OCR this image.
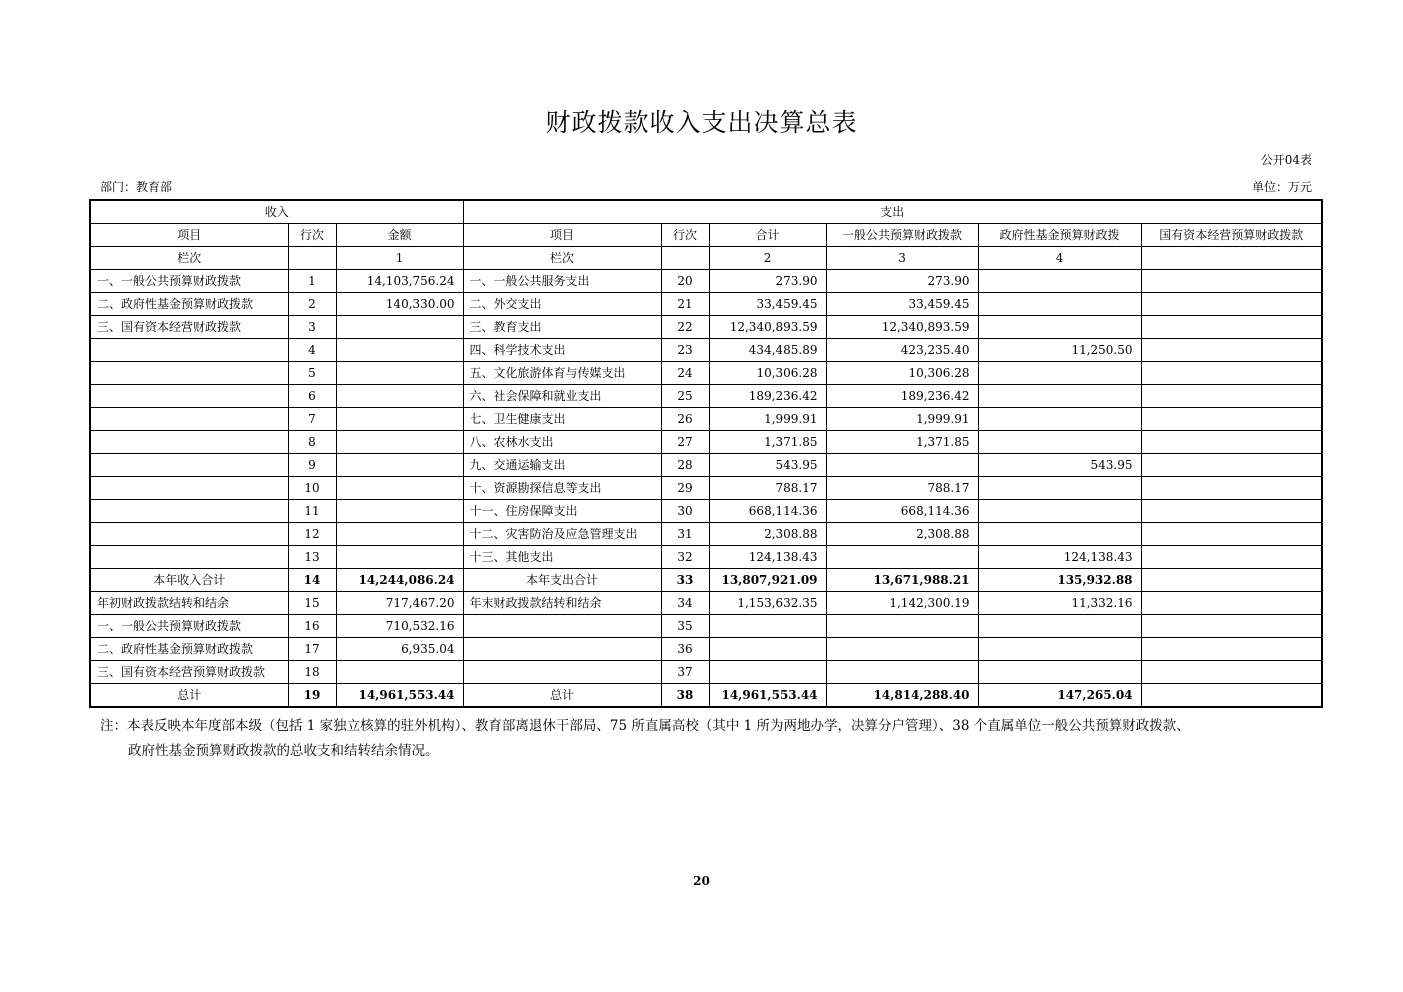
财政拨款收入支出决算总表
公开04表
部门：教育部	单位：万元
收入			支出					
项目	行次	金额	项目	行次	合计	一般公共预算财政拨款	政府性基金预算财政拨	国有资本经营预算财政拨款
栏次		1	栏次		2	3	4	
一、一般公共预算财政拨款	1	14,103,756.24	一、一般公共服务支出	20	273.90	273.90		
二、政府性基金预算财政拨款	2	140,330.00	二、外交支出	21	33,459.45	33,459.45		
三、国有资本经营财政拨款	3		三、教育支出	22	12,340,893.59	12,340,893.59		
	4		四、科学技术支出	23	434,485.89	423,235.40	11,250.50	
	5		五、文化旅游体育与传媒支出	24	10,306.28	10,306.28		
	6		六、社会保障和就业支出	25	189,236.42	189,236.42		
	7		七、卫生健康支出	26	1,999.91	1,999.91		
	8		八、农林水支出	27	1,371.85	1,371.85		
	9		九、交通运输支出	28	543.95		543.95	
	10		十、资源勘探信息等支出	29	788.17	788.17		
	11		十一、住房保障支出	30	668,114.36	668,114.36		
	12		十二、灾害防治及应急管理支出	31	2,308.88	2,308.88		
	13		十三、其他支出	32	124,138.43		124,138.43	
本年收入合计	14	14,244,086.24	本年支出合计	33	13,807,921.09	13,671,988.21	135,932.88	
年初财政拨款结转和结余	15	717,467.20	年末财政拨款结转和结余	34	1,153,632.35	1,142,300.19	11,332.16	
一、一般公共预算财政拨款	16	710,532.16		35				
二、政府性基金预算财政拨款	17	6,935.04		36				
三、国有资本经营预算财政拨款	18			37				
总计	19	14,961,553.44	总计	38	14,961,553.44	14,814,288.40	147,265.04	
注：本表反映本年度部本级（包括 1 家独立核算的驻外机构）、教育部离退休干部局、75 所直属高校（其中 1 所为两地办学，决算分户管理）、38 个直属单位一般公共预算财政拨款、
政府性基金预算财政拨款的总收支和结转结余情况。
20
